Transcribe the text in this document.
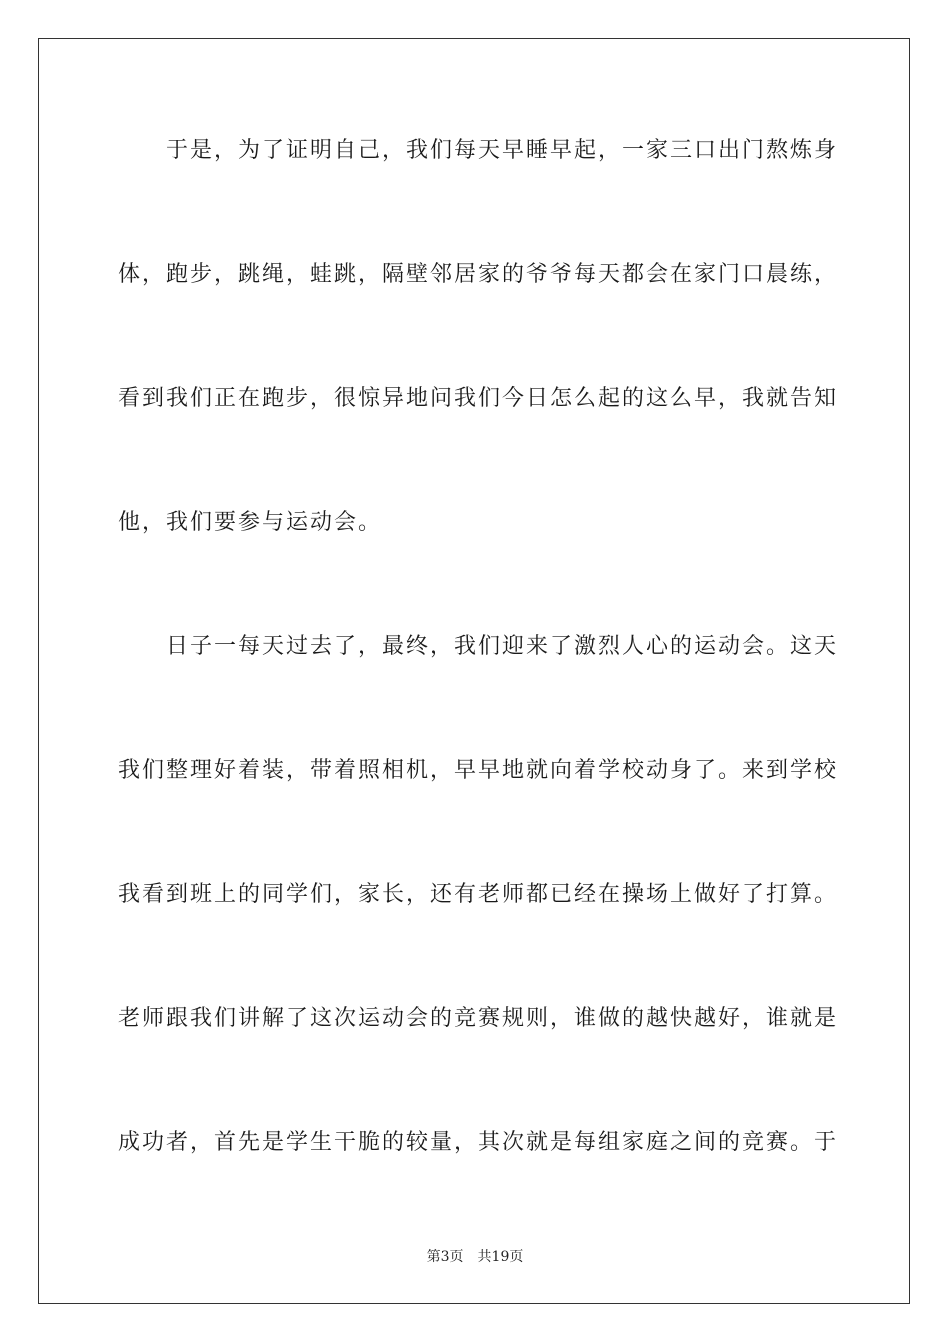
　　于是，为了证明自己，我们每天早睡早起，一家三口出门熬炼身
体，跑步，跳绳，蛙跳，隔壁邻居家的爷爷每天都会在家门口晨练，
看到我们正在跑步，很惊异地问我们今日怎么起的这么早，我就告知
他，我们要参与运动会。
　　日子一每天过去了，最终，我们迎来了激烈人心的运动会。这天
我们整理好着装，带着照相机，早早地就向着学校动身了。来到学校
我看到班上的同学们，家长，还有老师都已经在操场上做好了打算。
老师跟我们讲解了这次运动会的竞赛规则，谁做的越快越好，谁就是
成功者，首先是学生干脆的较量，其次就是每组家庭之间的竞赛。于
第3页 共19页
